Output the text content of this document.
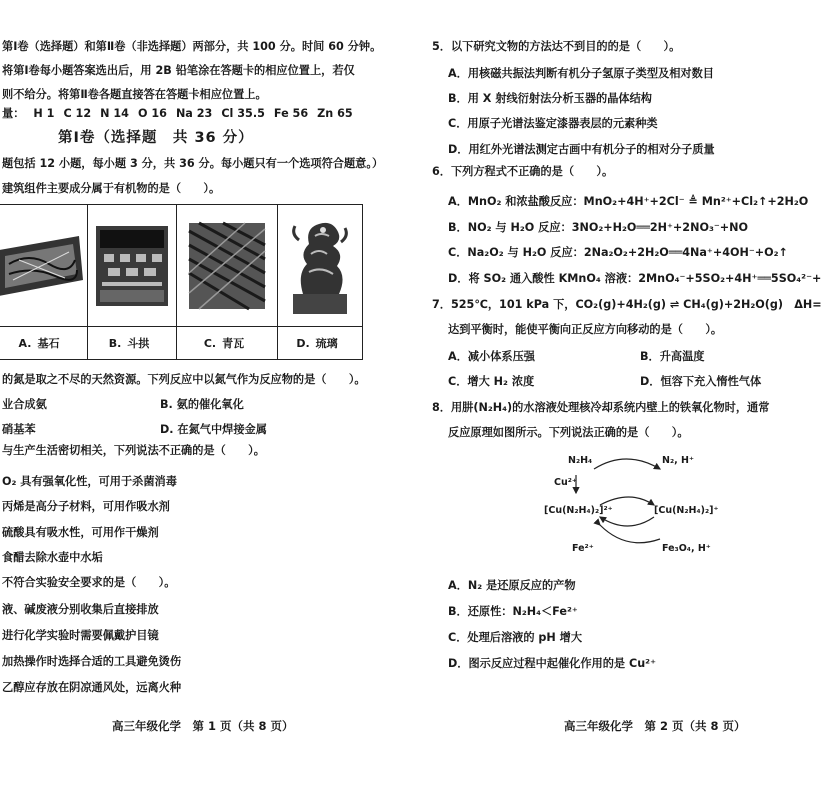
第Ⅰ卷（选择题）和第Ⅱ卷（非选择题）两部分，共 100 分。时间 60 分钟。
将第Ⅰ卷每小题答案选出后，用 2B 铅笔涂在答题卡的相应位置上，若仅
则不给分。将第Ⅱ卷各题直接答在答题卡相应位置上。
量： H 1 C 12 N 14 O 16 Na 23 Cl 35.5 Fe 56 Zn 65
第Ⅰ卷（选择题　共 36 分）
题包括 12 小题，每小题 3 分，共 36 分。每小题只有一个选项符合题意。）
建筑组件主要成分属于有机物的是（　　）。

A. 基石	B. 斗拱	C. 青瓦	D. 琉璃
的氮是取之不尽的天然资源。下列反应中以氮气作为反应物的是（　　）。
业合成氨	B. 氨的催化氧化
硝基苯	D. 在氮气中焊接金属
与生产生活密切相关，下列说法不正确的是（　　）。
O₂ 具有强氧化性，可用于杀菌消毒
丙烯是高分子材料，可用作吸水剂
硫酸具有吸水性，可用作干燥剂
食醋去除水壶中水垢
不符合实验安全要求的是（　　）。
液、碱废液分别收集后直接排放
进行化学实验时需要佩戴护目镜
加热操作时选择合适的工具避免烫伤
乙醇应存放在阴凉通风处，远离火种
高三年级化学　第 1 页（共 8 页）
5．以下研究文物的方法达不到目的的是（　　）。
A．用核磁共振法判断有机分子氢原子类型及相对数目
B．用 X 射线衍射法分析玉器的晶体结构
C．用原子光谱法鉴定漆器表层的元素种类
D．用红外光谱法测定古画中有机分子的相对分子质量
6．下列方程式不正确的是（　　）。
A．MnO₂ 和浓盐酸反应：MnO₂+4H⁺+2Cl⁻ ≜ Mn²⁺+Cl₂↑+2H₂O
B．NO₂ 与 H₂O 反应：3NO₂+H₂O══2H⁺+2NO₃⁻+NO
C．Na₂O₂ 与 H₂O 反应：2Na₂O₂+2H₂O══4Na⁺+4OH⁻+O₂↑
D．将 SO₂ 通入酸性 KMnO₄ 溶液：2MnO₄⁻+5SO₂+4H⁺══5SO₄²⁻+
7．525℃，101 kPa 下，CO₂(g)+4H₂(g) ⇌ CH₄(g)+2H₂O(g)　ΔH=
达到平衡时，能使平衡向正反应方向移动的是（　　）。
A．减小体系压强	B．升高温度
C．增大 H₂ 浓度	D．恒容下充入惰性气体
8．用肼(N₂H₄)的水溶液处理核冷却系统内壁上的铁氧化物时，通常
反应原理如图所示。下列说法正确的是（　　）。
N₂H₄	N₂, H⁺
Cu²⁺
[Cu(N₂H₄)₂]²⁺	[Cu(N₂H₄)₂]⁺
Fe²⁺	Fe₃O₄, H⁺
A．N₂ 是还原反应的产物
B．还原性：N₂H₄＜Fe²⁺
C．处理后溶液的 pH 增大
D．图示反应过程中起催化作用的是 Cu²⁺
高三年级化学　第 2 页（共 8 页）
